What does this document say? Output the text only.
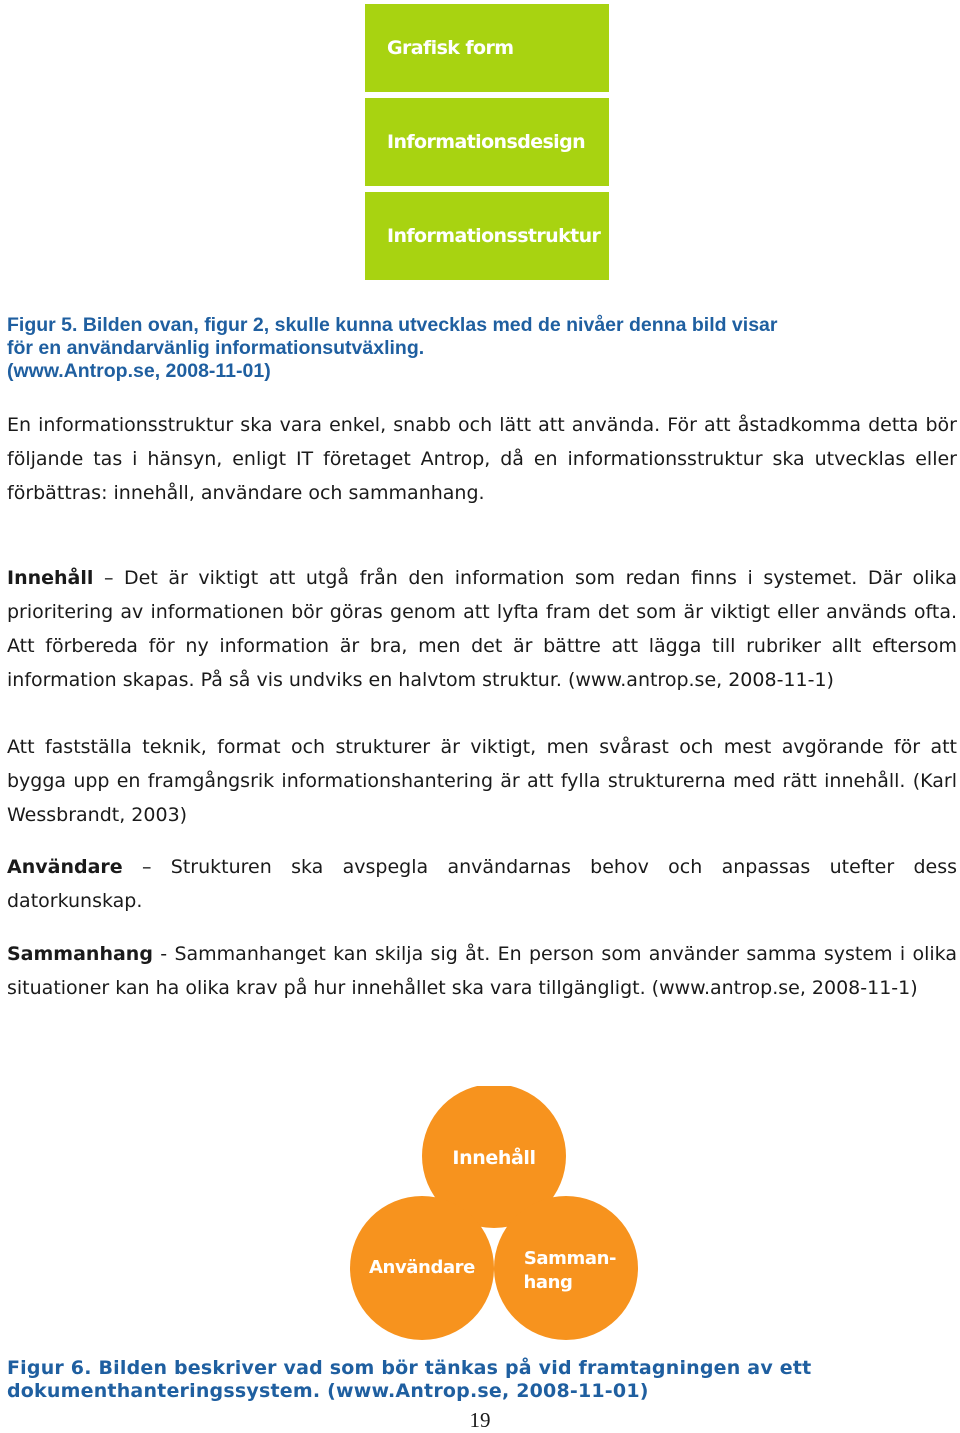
Grafisk form
Informationsdesign
Informationsstruktur
Figur 5. Bilden ovan, figur 2, skulle kunna utvecklas med de nivåer denna bild visar
för en användarvänlig informationsutväxling.
(www.Antrop.se, 2008-11-01)

En informationsstruktur ska vara enkel, snabb och lätt att använda. För att åstadkomma detta bör följande tas i hänsyn, enligt IT företaget Antrop, då en informationsstruktur ska utvecklas eller förbättras: innehåll, användare och sammanhang.

Innehåll – Det är viktigt att utgå från den information som redan finns i systemet. Där olika prioritering av informationen bör göras genom att lyfta fram det som är viktigt eller används ofta. Att förbereda för ny information är bra, men det är bättre att lägga till rubriker allt eftersom information skapas. På så vis undviks en halvtom struktur. (www.antrop.se, 2008-11-1)

Att fastställa teknik, format och strukturer är viktigt, men svårast och mest avgörande för att bygga upp en framgångsrik informationshantering är att fylla strukturerna med rätt innehåll. (Karl Wessbrandt, 2003)

Användare – Strukturen ska avspegla användarnas behov och anpassas utefter dess datorkunskap.

Sammanhang - Sammanhanget kan skilja sig åt. En person som använder samma system i olika situationer kan ha olika krav på hur innehållet ska vara tillgängligt. (www.antrop.se, 2008-11-1)

Innehåll
Användare	Samman-
hang
Figur 6. Bilden beskriver vad som bör tänkas på vid framtagningen av ett
dokumenthanteringssystem. (www.Antrop.se, 2008-11-01)
19
